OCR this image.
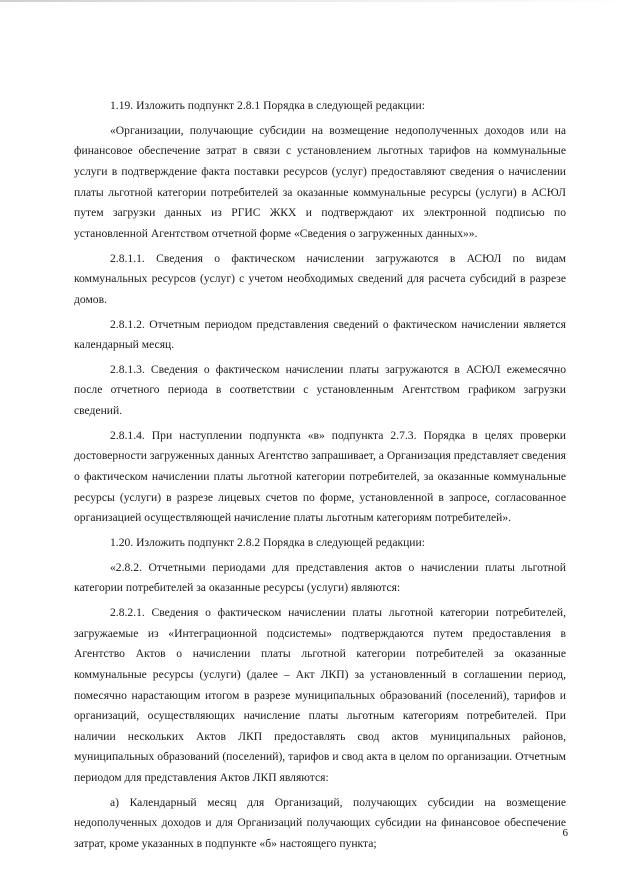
1.19. Изложить подпункт 2.8.1 Порядка в следующей редакции:

«Организации, получающие субсидии на возмещение недополученных доходов или на финансовое обеспечение затрат в связи с установлением льготных тарифов на коммунальные услуги в подтверждение факта поставки ресурсов (услуг) предоставляют сведения о начислении платы льготной категории потребителей за оказанные коммунальные ресурсы (услуги) в АСЮЛ путем загрузки данных из РГИС ЖКХ и подтверждают их электронной подписью по установленной Агентством отчетной форме «Сведения о загруженных данных»».

2.8.1.1. Сведения о фактическом начислении загружаются в АСЮЛ по видам коммунальных ресурсов (услуг) с учетом необходимых сведений для расчета субсидий в разрезе домов.

2.8.1.2. Отчетным периодом представления сведений о фактическом начислении является календарный месяц.

2.8.1.3. Сведения о фактическом начислении платы загружаются в АСЮЛ ежемесячно после отчетного периода в соответствии с установленным Агентством графиком загрузки сведений.

2.8.1.4. При наступлении подпункта «в» подпункта 2.7.3. Порядка в целях проверки достоверности загруженных данных Агентство запрашивает, а Организация представляет сведения о фактическом начислении платы льготной категории потребителей, за оказанные коммунальные ресурсы (услуги) в разрезе лицевых счетов по форме, установленной в запросе, согласованное организацией осуществляющей начисление платы льготным категориям потребителей».

1.20. Изложить подпункт 2.8.2 Порядка в следующей редакции:

«2.8.2. Отчетными периодами для представления актов о начислении платы льготной категории потребителей за оказанные ресурсы (услуги) являются:

2.8.2.1. Сведения о фактическом начислении платы льготной категории потребителей, загружаемые из «Интеграционной подсистемы» подтверждаются путем предоставления в Агентство Актов о начислении платы льготной категории потребителей за оказанные коммунальные ресурсы (услуги) (далее – Акт ЛКП) за установленный в соглашении период, помесячно нарастающим итогом в разрезе муниципальных образований (поселений), тарифов и организаций, осуществляющих начисление платы льготным категориям потребителей. При наличии нескольких Актов ЛКП предоставлять свод актов муниципальных районов, муниципальных образований (поселений), тарифов и свод акта в целом по организации. Отчетным периодом для представления Актов ЛКП являются:

а) Календарный месяц для Организаций, получающих субсидии на возмещение недополученных доходов и для Организаций получающих субсидии на финансовое обеспечение затрат, кроме указанных в подпункте «б» настоящего пункта;

6
